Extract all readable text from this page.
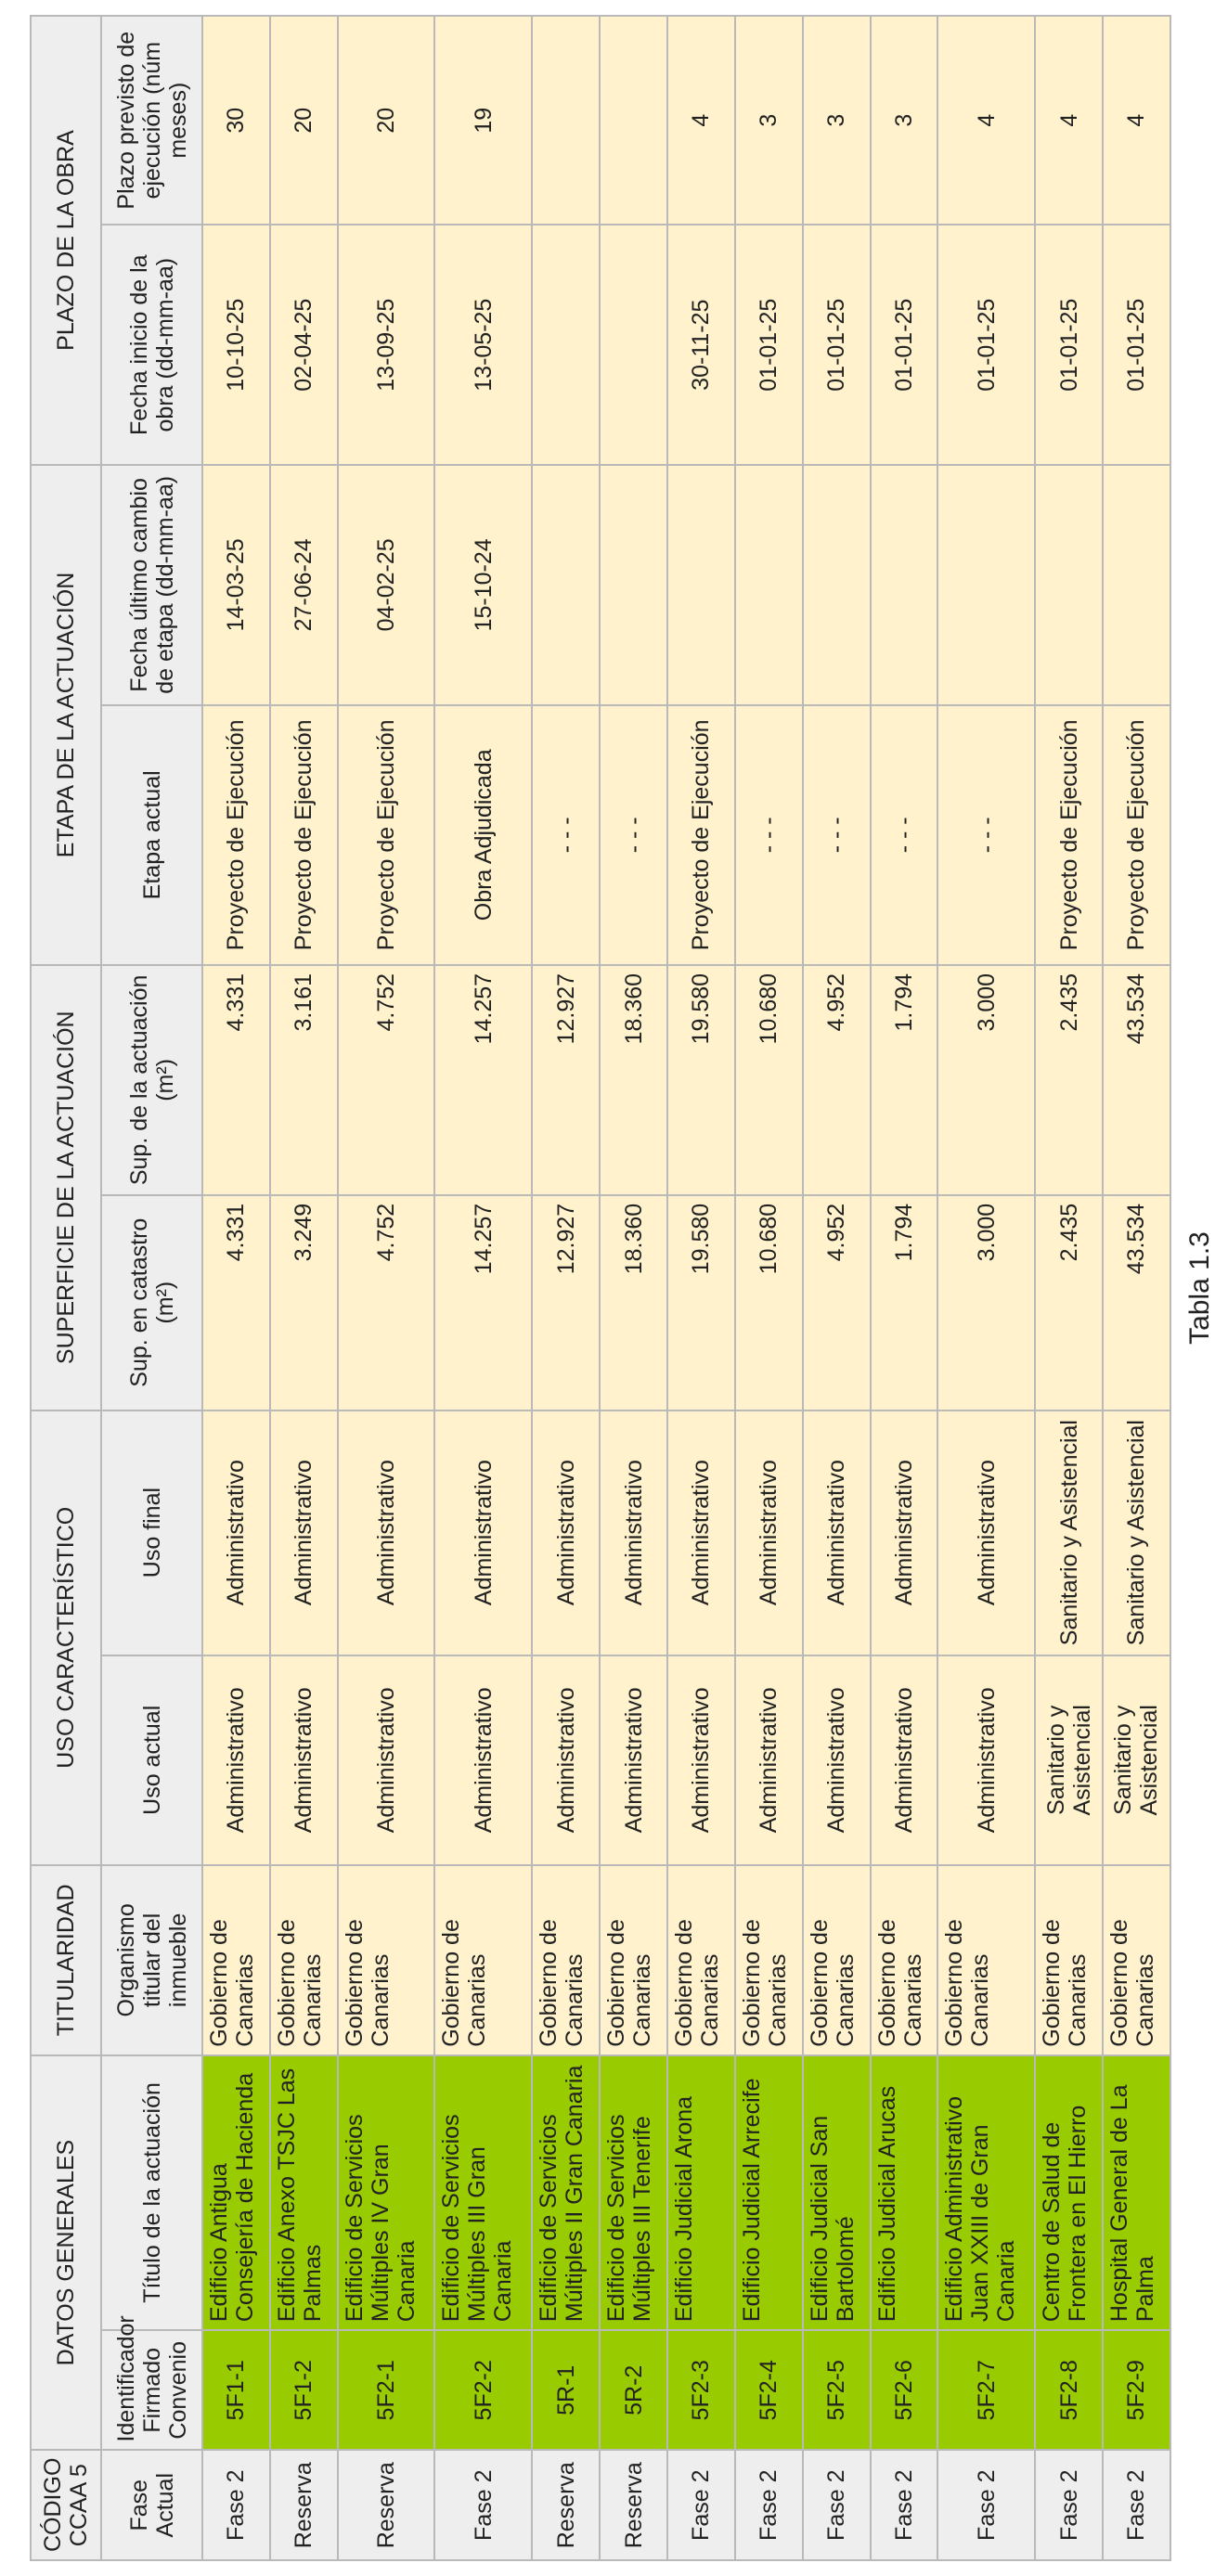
CÓDIGO CCAA 5	DATOS GENERALES		TITULARIDAD	USO CARACTERÍSTICO		SUPERFICIE DE LA ACTUACIÓN		ETAPA DE LA ACTUACIÓN		PLAZO DE LA OBRA	
Fase Actual	Identificador Firmado Convenio	Título de la actuación	Organismo titular del inmueble	Uso actual	Uso final	Sup. en catastro (m²)	Sup. de la actuación (m²)	Etapa actual	Fecha último cambio de etapa (dd-mm-aa)	Fecha inicio de la obra (dd-mm-aa)	Plazo previsto de ejecución (núm meses)
Fase 2	5F1-1	Edificio Antigua Consejería de Hacienda	Gobierno de Canarias	Administrativo	Administrativo	4.331	4.331	Proyecto de Ejecución	14-03-25	10-10-25	30
Reserva	5F1-2	Edificio Anexo TSJC Las Palmas	Gobierno de Canarias	Administrativo	Administrativo	3.249	3.161	Proyecto de Ejecución	27-06-24	02-04-25	20
Reserva	5F2-1	Edificio de Servicios Múltiples IV Gran Canaria	Gobierno de Canarias	Administrativo	Administrativo	4.752	4.752	Proyecto de Ejecución	04-02-25	13-09-25	20
Fase 2	5F2-2	Edificio de Servicios Múltiples III Gran Canaria	Gobierno de Canarias	Administrativo	Administrativo	14.257	14.257	Obra Adjudicada	15-10-24	13-05-25	19
Reserva	5R-1	Edificio de Servicios Múltiples II Gran Canaria	Gobierno de Canarias	Administrativo	Administrativo	12.927	12.927	- - -			
Reserva	5R-2	Edificio de Servicios Múltiples III Tenerife	Gobierno de Canarias	Administrativo	Administrativo	18.360	18.360	- - -			
Fase 2	5F2-3	Edificio Judicial Arona	Gobierno de Canarias	Administrativo	Administrativo	19.580	19.580	Proyecto de Ejecución		30-11-25	4
Fase 2	5F2-4	Edificio Judicial Arrecife	Gobierno de Canarias	Administrativo	Administrativo	10.680	10.680	- - -		01-01-25	3
Fase 2	5F2-5	Edificio Judicial San Bartolomé	Gobierno de Canarias	Administrativo	Administrativo	4.952	4.952	- - -		01-01-25	3
Fase 2	5F2-6	Edificio Judicial Arucas	Gobierno de Canarias	Administrativo	Administrativo	1.794	1.794	- - -		01-01-25	3
Fase 2	5F2-7	Edificio Administrativo Juan XXIII de Gran Canaria	Gobierno de Canarias	Administrativo	Administrativo	3.000	3.000	- - -		01-01-25	4
Fase 2	5F2-8	Centro de Salud de Frontera en El Hierro	Gobierno de Canarias	Sanitario y Asistencial	Sanitario y Asistencial	2.435	2.435	Proyecto de Ejecución		01-01-25	4
Fase 2	5F2-9	Hospital General de La Palma	Gobierno de Canarias	Sanitario y Asistencial	Sanitario y Asistencial	43.534	43.534	Proyecto de Ejecución		01-01-25	4
Tabla 1.3
